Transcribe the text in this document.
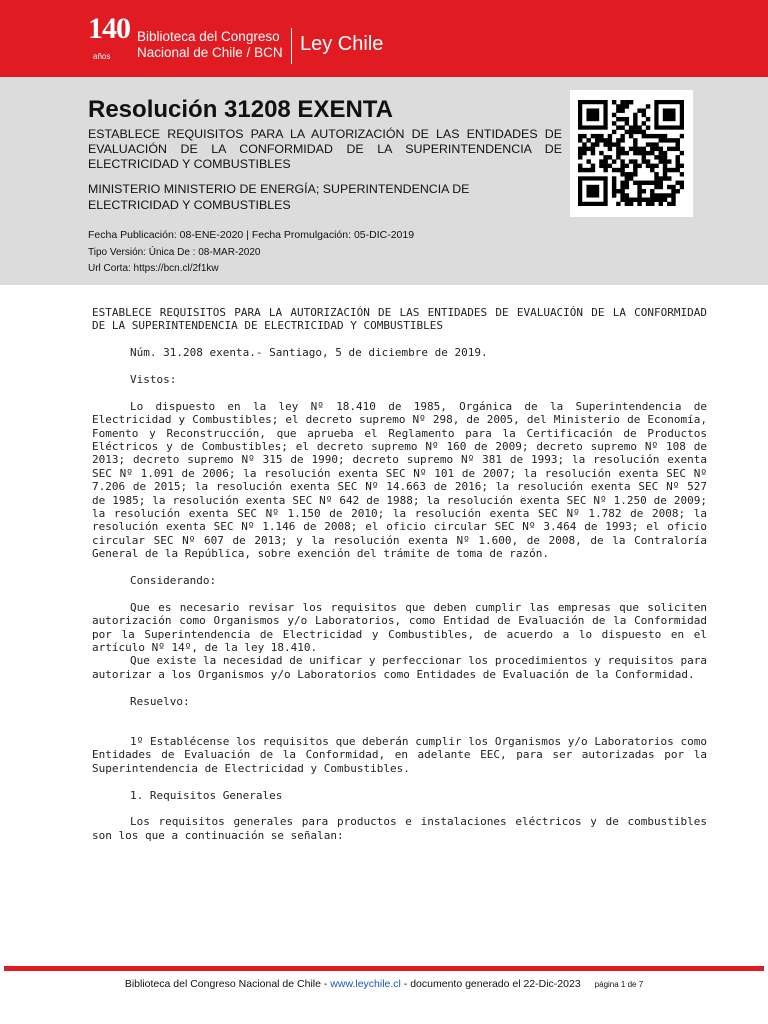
140
años
Biblioteca del Congreso
Nacional de Chile / BCN Ley Chile
Resolución 31208 EXENTA

ESTABLECE REQUISITOS PARA LA AUTORIZACIÓN DE LAS ENTIDADES DE EVALUACIÓN DE LA CONFORMIDAD DE LA SUPERINTENDENCIA DE ELECTRICIDAD Y COMBUSTIBLES

MINISTERIO MINISTERIO DE ENERGÍA; SUPERINTENDENCIA DE ELECTRICIDAD Y COMBUSTIBLES

Fecha Publicación: 08-ENE-2020 | Fecha Promulgación: 05-DIC-2019
Tipo Versión: Única De : 08-MAR-2020
Url Corta: https://bcn.cl/2f1kw

ESTABLECE REQUISITOS PARA LA AUTORIZACIÓN DE LAS ENTIDADES DE EVALUACIÓN DE LA CONFORMIDAD DE LA SUPERINTENDENCIA DE ELECTRICIDAD Y COMBUSTIBLES

Núm. 31.208 exenta.- Santiago, 5 de diciembre de 2019.

Vistos:

Lo dispuesto en la ley Nº 18.410 de 1985, Orgánica de la Superintendencia de Electricidad y Combustibles; el decreto supremo Nº 298, de 2005, del Ministerio de Economía, Fomento y Reconstrucción, que aprueba el Reglamento para la Certificación de Productos Eléctricos y de Combustibles; el decreto supremo Nº 160 de 2009; decreto supremo Nº 108 de 2013; decreto supremo Nº 315 de 1990; decreto supremo Nº 381 de 1993; la resolución exenta SEC Nº 1.091 de 2006; la resolución exenta SEC Nº 101 de 2007; la resolución exenta SEC Nº 7.206 de 2015; la resolución exenta SEC Nº 14.663 de 2016; la resolución exenta SEC Nº 527 de 1985; la resolución exenta SEC Nº 642 de 1988; la resolución exenta SEC Nº 1.250 de 2009; la resolución exenta SEC Nº 1.150 de 2010; la resolución exenta SEC Nº 1.782 de 2008; la resolución exenta SEC Nº 1.146 de 2008; el oficio circular SEC Nº 3.464 de 1993; el oficio circular SEC Nº 607 de 2013; y la resolución exenta Nº 1.600, de 2008, de la Contraloría General de la República, sobre exención del trámite de toma de razón.

Considerando:

Que es necesario revisar los requisitos que deben cumplir las empresas que soliciten autorización como Organismos y/o Laboratorios, como Entidad de Evaluación de la Conformidad por la Superintendencia de Electricidad y Combustibles, de acuerdo a lo dispuesto en el artículo Nº 14º, de la ley 18.410.

Que existe la necesidad de unificar y perfeccionar los procedimientos y requisitos para autorizar a los Organismos y/o Laboratorios como Entidades de Evaluación de la Conformidad.

Resuelvo:

1º Establécense los requisitos que deberán cumplir los Organismos y/o Laboratorios como Entidades de Evaluación de la Conformidad, en adelante EEC, para ser autorizadas por la Superintendencia de Electricidad y Combustibles.

1. Requisitos Generales

Los requisitos generales para productos e instalaciones eléctricos y de combustibles son los que a continuación se señalan:

Biblioteca del Congreso Nacional de Chile - www.leychile.cl - documento generado el 22-Dic-2023 página 1 de 7
